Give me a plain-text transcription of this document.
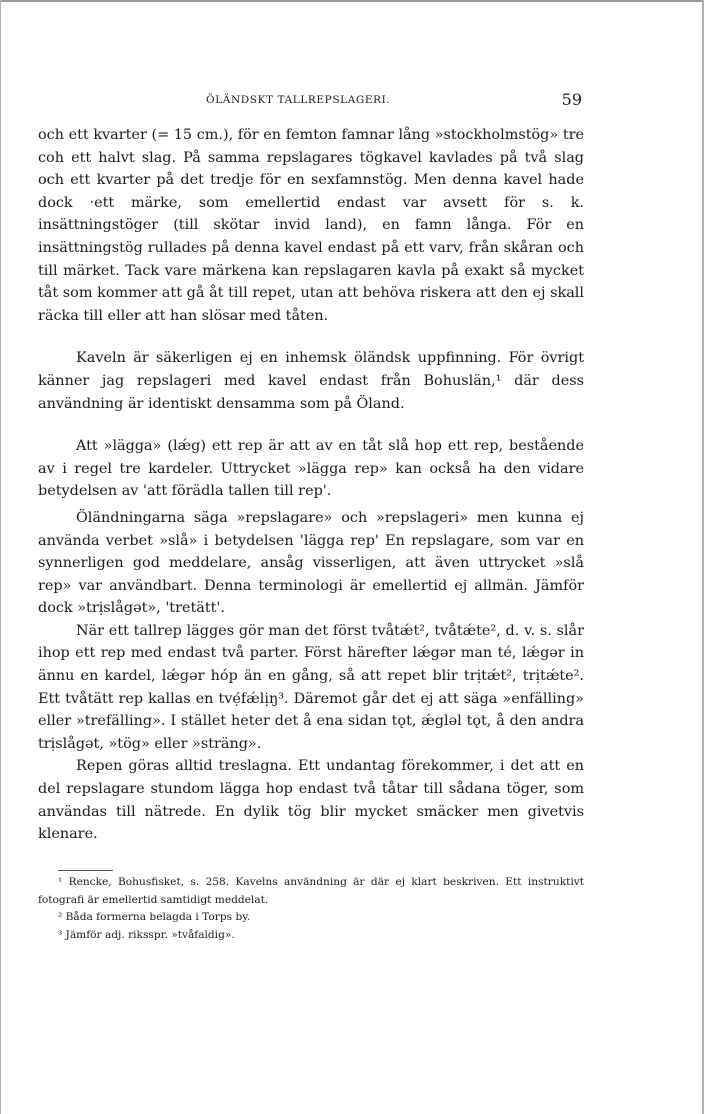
ÖLÄNDSKT TALLREPSLAGERI.	59

och ett kvarter (= 15 cm.), för en femton famnar lång »stockholmstög» tre coh ett halvt slag. På samma repslagares tögkavel kavlades på två slag och ett kvarter på det tredje för en sexfamnstög. Men denna kavel hade dock ·ett märke, som emellertid endast var avsett för s. k. insättningstöger (till skötar invid land), en famn långa. För en insättningstög rullades på denna kavel endast på ett varv, från skåran och till märket. Tack vare märkena kan repslagaren kavla på exakt så mycket tåt som kommer att gå åt till repet, utan att behöva riskera att den ej skall räcka till eller att han slösar med tåten.

Kaveln är säkerligen ej en inhemsk öländsk uppfinning. För övrigt känner jag repslageri med kavel endast från Bohuslän,¹ där dess användning är identiskt densamma som på Öland.

Att »lägga» (lǽg) ett rep är att av en tåt slå hop ett rep, bestående av i regel tre kardeler. Uttrycket »lägga rep» kan också ha den vidare betydelsen av 'att förädla tallen till rep'.

Öländningarna säga »repslagare» och »repslageri» men kunna ej använda verbet »slå» i betydelsen 'lägga rep' En repslagare, som var en synnerligen god meddelare, ansåg visserligen, att även uttrycket »slå rep» var användbart. Denna terminologi är emellertid ej allmän. Jämför dock »trịslågət», 'tretätt'.

När ett tallrep lägges gör man det först tvåtǽt², tvåtǽte², d. v. s. slår ihop ett rep med endast två parter. Först härefter lǽgər man té, lǽgər in ännu en kardel, lǽgər hóp än en gång, så att repet blir trịtǽt², trịtǽte². Ett tvåtätt rep kallas en tvẹ́fǽlịŋ³. Däremot går det ej att säga »enfälling» eller »trefälling». I stället heter det å ena sidan tǫt, ǽglǝl tǫt, å den andra trịslågət, »tög» eller »sträng».

Repen göras alltid treslagna. Ett undantag förekommer, i det att en del repslagare stundom lägga hop endast två tåtar till sådana töger, som användas till nätrede. En dylik tög blir mycket smäcker men givetvis klenare.

¹ Rencke, Bohusfisket, s. 258. Kavelns användning är där ej klart beskriven. Ett instruktivt fotografi är emellertid samtidigt meddelat.

² Båda formerna belagda i Torps by.

³ Jämför adj. riksspr. »tvåfaldig».
